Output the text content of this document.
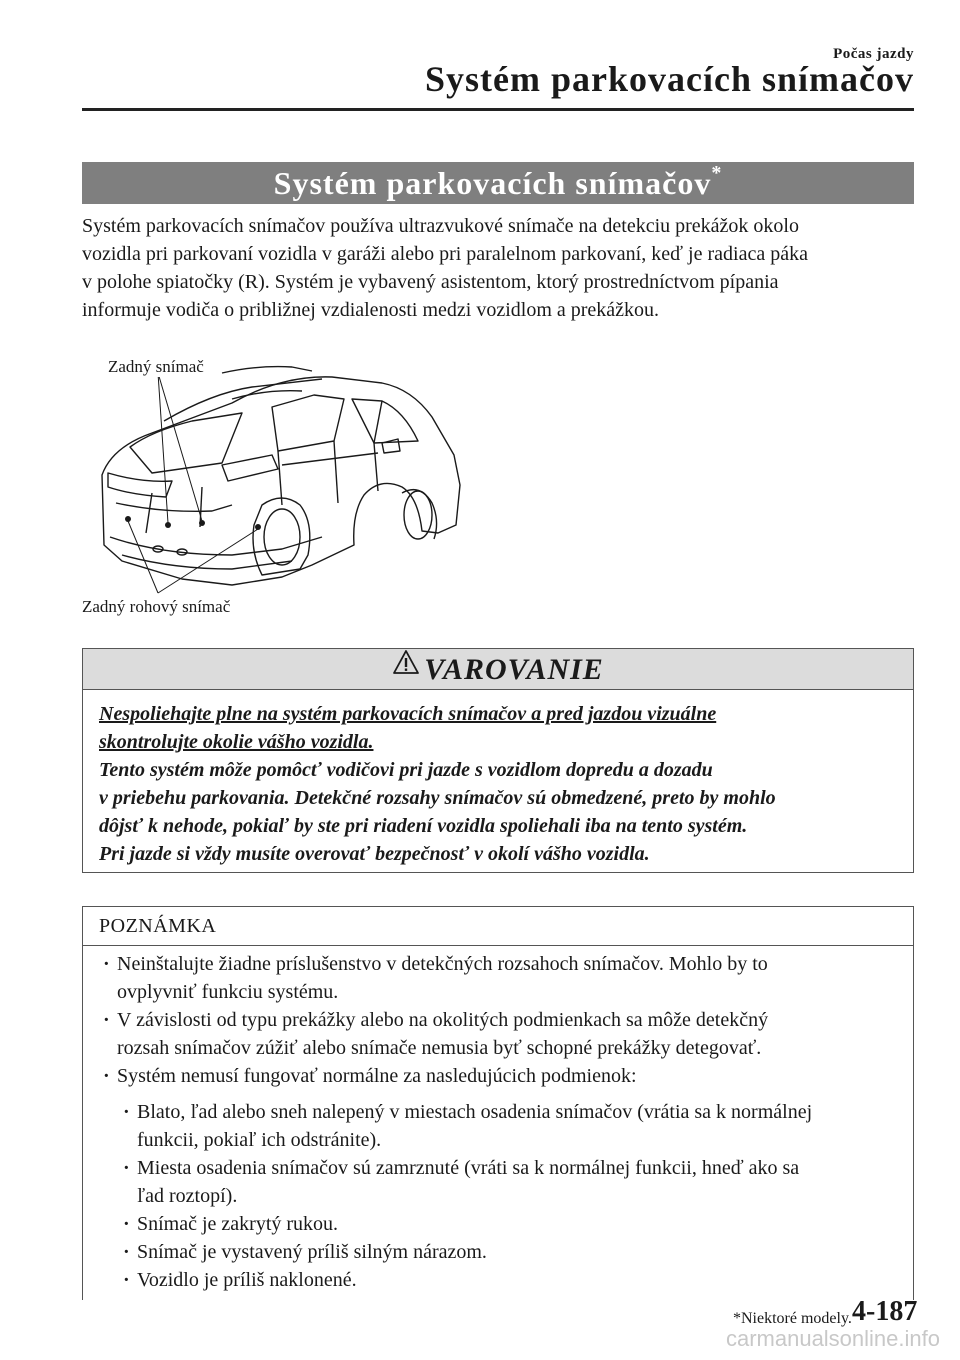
Počas jazdy
Systém parkovacích snímačov
Systém parkovacích snímačov*
Systém parkovacích snímačov používa ultrazvukové snímače na detekciu prekážok okolo
vozidla pri parkovaní vozidla v garáži alebo pri paralelnom parkovaní, keď je radiaca páka
v polohe spiatočky (R). Systém je vybavený asistentom, ktorý prostredníctvom pípania
informuje vodiča o približnej vzdialenosti medzi vozidlom a prekážkou.
Zadný snímač
Zadný rohový snímač
VAROVANIE
Nespoliehajte plne na systém parkovacích snímačov a pred jazdou vizuálne
skontrolujte okolie vášho vozidla.
Tento systém môže pomôcť vodičovi pri jazde s vozidlom dopredu a dozadu
v priebehu parkovania. Detekčné rozsahy snímačov sú obmedzené, preto by mohlo
dôjsť k nehode, pokiaľ by ste pri riadení vozidla spoliehali iba na tento systém.
Pri jazde si vždy musíte overovať bezpečnosť v okolí vášho vozidla.
POZNÁMKA
· Neinštalujte žiadne príslušenstvo v detekčných rozsahoch snímačov. Mohlo by to
ovplyvniť funkciu systému.
· V závislosti od typu prekážky alebo na okolitých podmienkach sa môže detekčný
rozsah snímačov zúžiť alebo snímače nemusia byť schopné prekážky detegovať.
· Systém nemusí fungovať normálne za nasledujúcich podmienok:
· Blato, ľad alebo sneh nalepený v miestach osadenia snímačov (vrátia sa k normálnej
funkcii, pokiaľ ich odstránite).
· Miesta osadenia snímačov sú zamrznuté (vráti sa k normálnej funkcii, hneď ako sa
ľad roztopí).
· Snímač je zakrytý rukou.
· Snímač je vystavený príliš silným nárazom.
· Vozidlo je príliš naklonené.
*Niektoré modely. 4-187
carmanualsonline.info
